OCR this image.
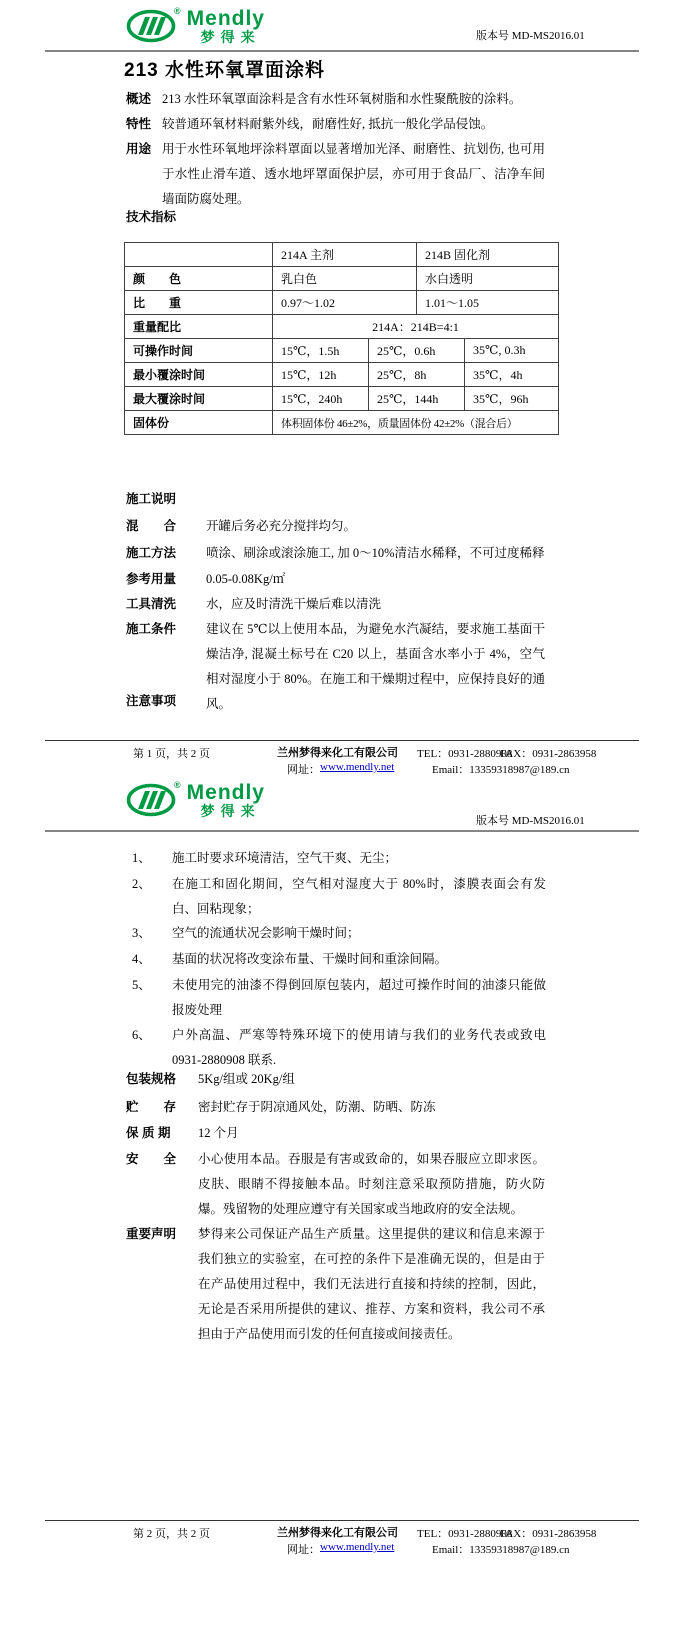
® Mendly
梦得来	版本号 MD-MS2016.01
213 水性环氧罩面涂料
概述 213 水性环氧罩面涂料是含有水性环氧树脂和水性聚酰胺的涂料。
特性 较普通环氧材料耐紫外线，耐磨性好, 抵抗一般化学品侵蚀。
用途 用于水性环氧地坪涂料罩面以显著增加光泽、耐磨性、抗划伤, 也可用于水性止滑车道、透水地坪罩面保护层，亦可用于食品厂、洁净车间墙面防腐处理。
技术指标
	214A 主剂		214B 固化剂	
颜　　色	乳白色		水白透明	
比　　重	0.97～1.02		1.01～1.05	
重量配比	214A：214B=4:1			
可操作时间	15℃，1.5h	25℃，0.6h		35℃, 0.3h
最小覆涂时间	15℃，12h	25℃，8h		35℃，4h
最大覆涂时间	15℃，240h	25℃，144h		35℃，96h
固体份	体积固体份 46±2%，质量固体份 42±2%（混合后）			
施工说明
混　　合 开罐后务必充分搅拌均匀。
施工方法 喷涂、刷涂或滚涂施工, 加 0～10%清洁水稀释，不可过度稀释
参考用量 0.05-0.08Kg/㎡
工具清洗 水，应及时清洗干燥后难以清洗
施工条件 建议在 5℃以上使用本品，为避免水汽凝结，要求施工基面干燥洁净, 混凝土标号在 C20 以上，基面含水率小于 4%，空气相对湿度小于 80%。在施工和干燥期过程中，应保持良好的通风。
注意事项
第 1 页，共 2 页	兰州梦得来化工有限公司 TEL：0931-2880908
FAX：0931-2863958
网址： www.mendly.net	Email：13359318987@189.cn
® Mendly
梦得来
版本号 MD-MS2016.01
1、 施工时要求环境清洁，空气干爽、无尘；
2、 在施工和固化期间，空气相对湿度大于 80%时，漆膜表面会有发白、回粘现象；
3、 空气的流通状况会影响干燥时间；
4、 基面的状况将改变涂布量、干燥时间和重涂间隔。
5、 未使用完的油漆不得倒回原包装内，超过可操作时间的油漆只能做报废处理
6、 户外高温、严寒等特殊环境下的使用请与我们的业务代表或致电 0931-2880908 联系.
包装规格 5Kg/组或 20Kg/组
贮　　存 密封贮存于阴凉通风处，防潮、防晒、防冻
保 质 期 12 个月
安　　全 小心使用本品。吞服是有害或致命的，如果吞服应立即求医。皮肤、眼睛不得接触本品。时刻注意采取预防措施，防火防爆。残留物的处理应遵守有关国家或当地政府的安全法规。
重要声明 梦得来公司保证产品生产质量。这里提供的建议和信息来源于我们独立的实验室，在可控的条件下是准确无误的，但是由于在产品使用过程中，我们无法进行直接和持续的控制，因此，无论是否采用所提供的建议、推荐、方案和资料，我公司不承担由于产品使用而引发的任何直接或间接责任。
第 2 页，共 2 页	兰州梦得来化工有限公司 TEL：0931-2880908
FAX：0931-2863958
网址： www.mendly.net	Email：13359318987@189.cn
